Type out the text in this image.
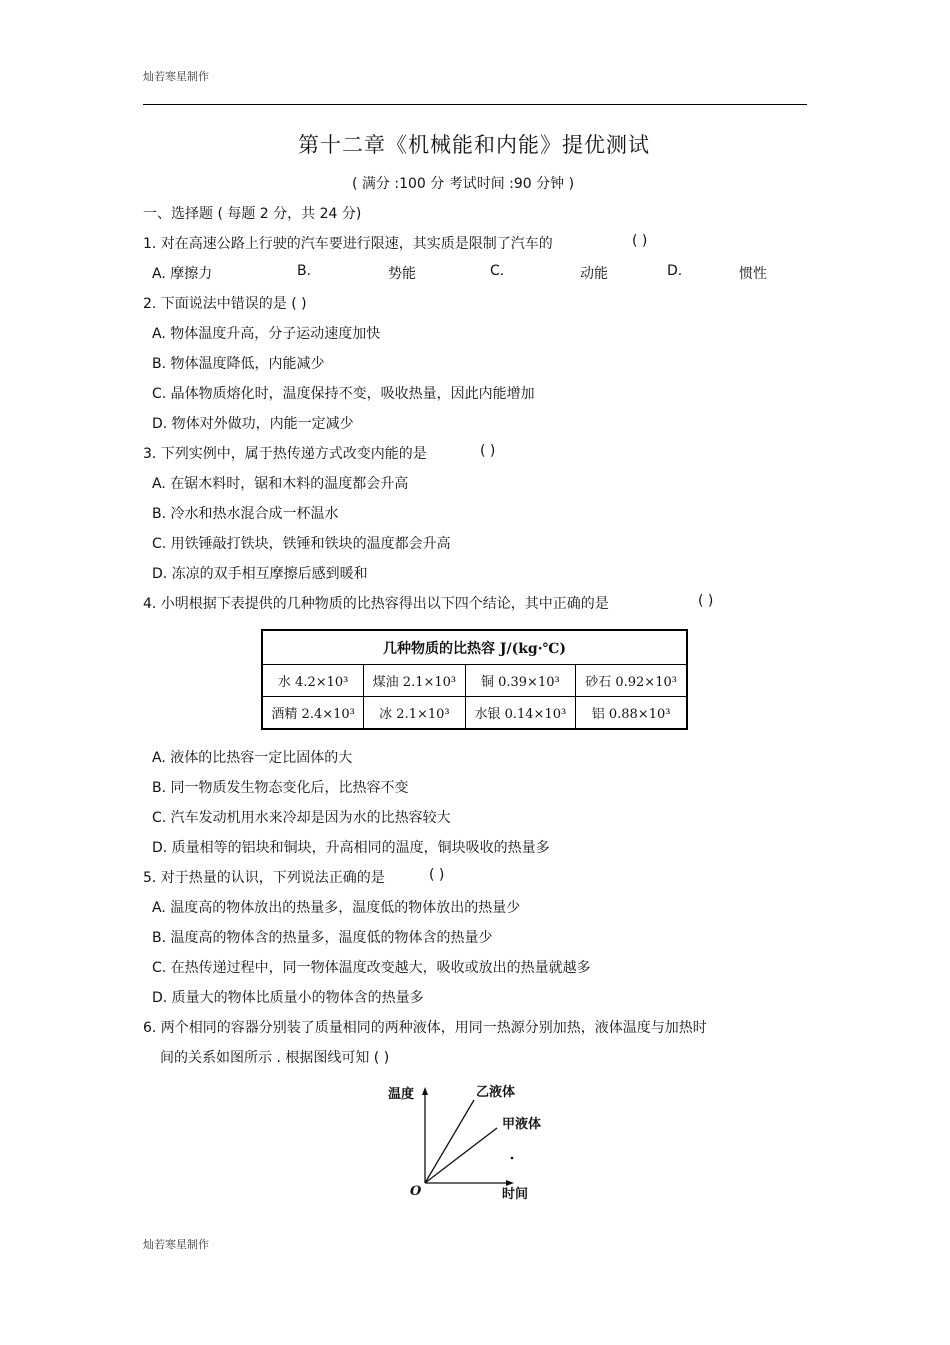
灿若寒星制作
第十二章《机械能和内能》提优测试
( 满分 :100 分 考试时间 :90 分钟 )
一、选择题 ( 每题 2 分，共 24 分)
1. 对在高速公路上行驶的汽车要进行限速，其实质是限制了汽车的	( )
A. 摩擦力	B.	势能	C.	动能	D.	惯性
2. 下面说法中错误的是 ( )
A. 物体温度升高，分子运动速度加快
B. 物体温度降低，内能减少
C. 晶体物质熔化时，温度保持不变，吸收热量，因此内能增加
D. 物体对外做功，内能一定减少
3. 下列实例中，属于热传递方式改变内能的是	( )
A. 在锯木料时，锯和木料的温度都会升高
B. 冷水和热水混合成一杯温水
C. 用铁锤敲打铁块，铁锤和铁块的温度都会升高
D. 冻凉的双手相互摩擦后感到暖和
4. 小明根据下表提供的几种物质的比热容得出以下四个结论，其中正确的是	( )
几种物质的比热容 J/(kg·℃)			
水 4.2×10³	煤油 2.1×10³	铜 0.39×10³	砂石 0.92×10³
酒精 2.4×10³	冰 2.1×10³	水银 0.14×10³	铝 0.88×10³
A. 液体的比热容一定比固体的大
B. 同一物质发生物态变化后，比热容不变
C. 汽车发动机用水来冷却是因为水的比热容较大
D. 质量相等的铝块和铜块，升高相同的温度，铜块吸收的热量多
5. 对于热量的认识，下列说法正确的是	( )
A. 温度高的物体放出的热量多，温度低的物体放出的热量少
B. 温度高的物体含的热量多，温度低的物体含的热量少
C. 在热传递过程中，同一物体温度改变越大，吸收或放出的热量就越多
D. 质量大的物体比质量小的物体含的热量多
6. 两个相同的容器分别装了质量相同的两种液体，用同一热源分别加热，液体温度与加热时
间的关系如图所示 . 根据图线可知 ( )
温度	乙液体
甲液体
O	时间
灿若寒星制作
